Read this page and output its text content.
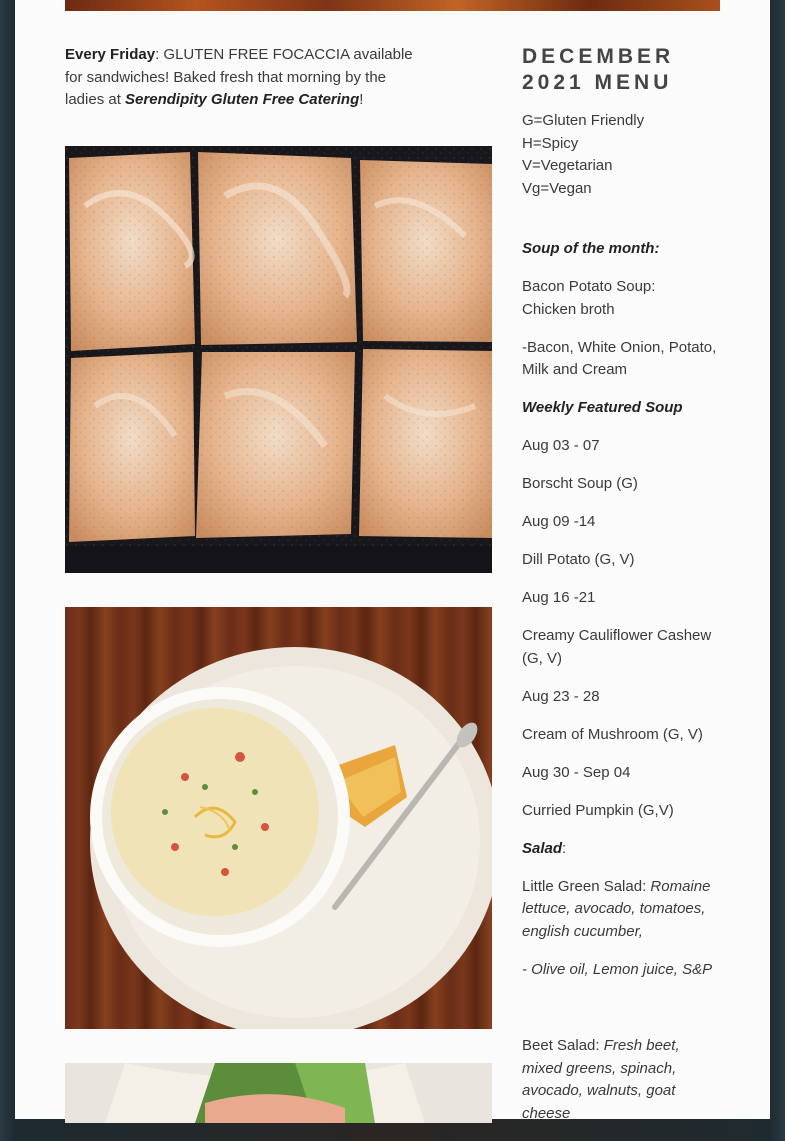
Every Friday: GLUTEN FREE FOCACCIA available for sandwiches! Baked fresh that morning by the ladies at Serendipity Gluten Free Catering!

DECEMBER
2021 MENU

G=Gluten Friendly

H=Spicy

V=Vegetarian

Vg=Vegan

Soup of the month:

Bacon Potato Soup:
Chicken broth

-Bacon, White Onion, Potato, Milk and Cream

Weekly Featured Soup

Aug 03 - 07

Borscht Soup (G)

Aug 09 -14

Dill Potato (G, V)

Aug 16 -21

Creamy Cauliflower Cashew (G, V)

Aug 23 - 28

Cream of Mushroom (G, V)

Aug 30 - Sep 04

Curried Pumpkin (G,V)

Salad:

Little Green Salad: Romaine lettuce, avocado, tomatoes, english cucumber,

- Olive oil, Lemon juice, S&P

Beet Salad: Fresh beet, mixed greens, spinach, avocado, walnuts, goat cheese
